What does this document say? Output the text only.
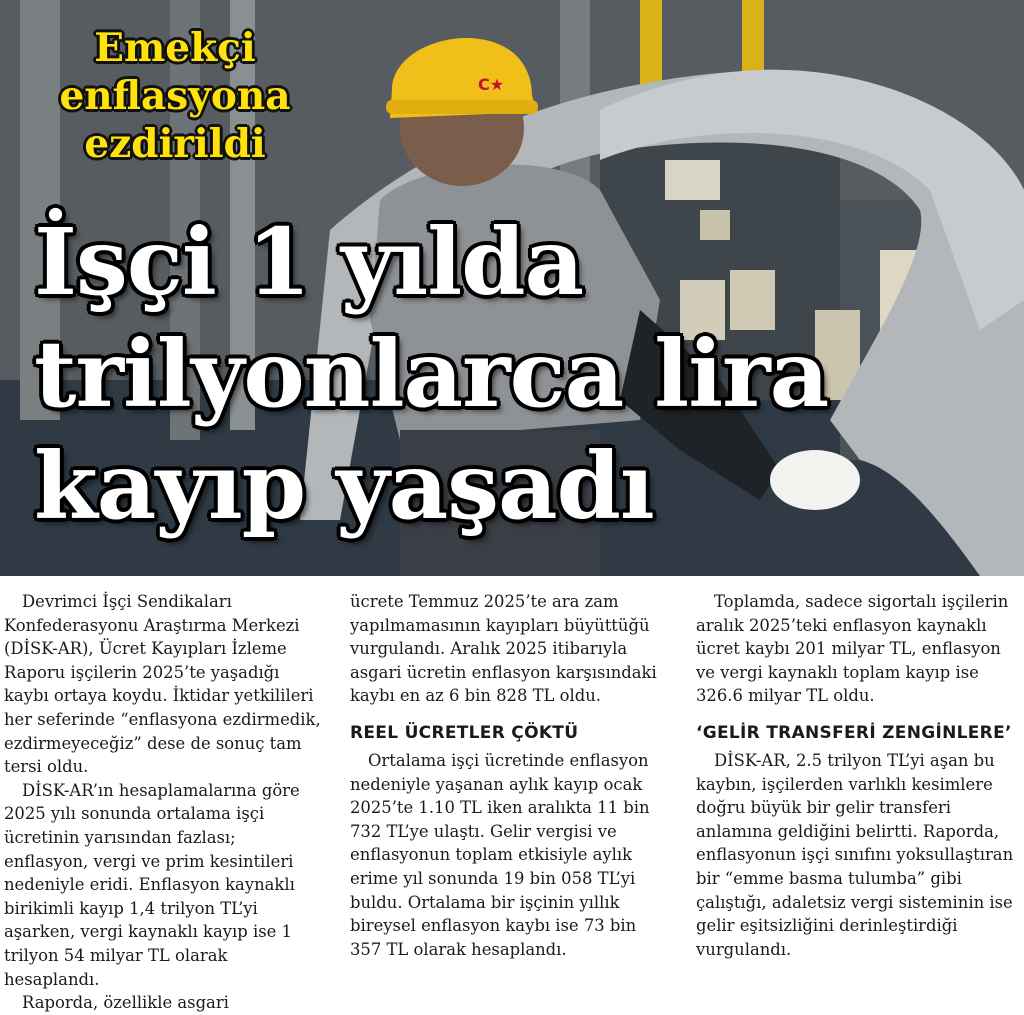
C★
Emekçi
enflasyona
ezdirildi
İşçi 1 yılda
trilyonlarca lira
kayıp yaşadı

Devrimci İşçi Sendikaları Konfederasyonu Araştırma Merkezi (DİSK-AR), Ücret Kayıpları İzleme Raporu işçilerin 2025’te yaşadığı kaybı ortaya koydu. İktidar yetkilileri her seferinde “enflasyona ezdirmedik, ezdirmeyeceğiz” dese de sonuç tam tersi oldu.

DİSK-AR’ın hesaplamalarına göre 2025 yılı sonunda ortalama işçi ücretinin yarısından fazlası; enflasyon, vergi ve prim kesintileri nedeniyle eridi. Enflasyon kaynaklı birikimli kayıp 1,4 trilyon TL’yi aşarken, vergi kaynaklı kayıp ise 1 trilyon 54 milyar TL olarak hesaplandı.

Raporda, özellikle asgari

ücrete Temmuz 2025’te ara zam yapılmamasının kayıpları büyüttüğü vurgulandı. Aralık 2025 itibarıyla asgari ücretin enflasyon karşısındaki kaybı en az 6 bin 828 TL oldu.

REEL ÜCRETLER ÇÖKTÜ

Ortalama işçi ücretinde enflasyon nedeniyle yaşanan aylık kayıp ocak 2025’te 1.10 TL iken aralıkta 11 bin 732 TL’ye ulaştı. Gelir vergisi ve enflasyonun toplam etkisiyle aylık erime yıl sonunda 19 bin 058 TL’yi buldu. Ortalama bir işçinin yıllık bireysel enflasyon kaybı ise 73 bin 357 TL olarak hesaplandı.

Toplamda, sadece sigortalı işçilerin aralık 2025’teki enflasyon kaynaklı ücret kaybı 201 milyar TL, enflasyon ve vergi kaynaklı toplam kayıp ise 326.6 milyar TL oldu.

‘GELİR TRANSFERİ ZENGİNLERE’

DİSK-AR, 2.5 trilyon TL’yi aşan bu kaybın, işçilerden varlıklı kesimlere doğru büyük bir gelir transferi anlamına geldiğini belirtti. Raporda, enflasyonun işçi sınıfını yoksullaştıran bir “emme basma tulumba” gibi çalıştığı, adaletsiz vergi sisteminin ise gelir eşitsizliğini derinleştirdiği vurgulandı.
